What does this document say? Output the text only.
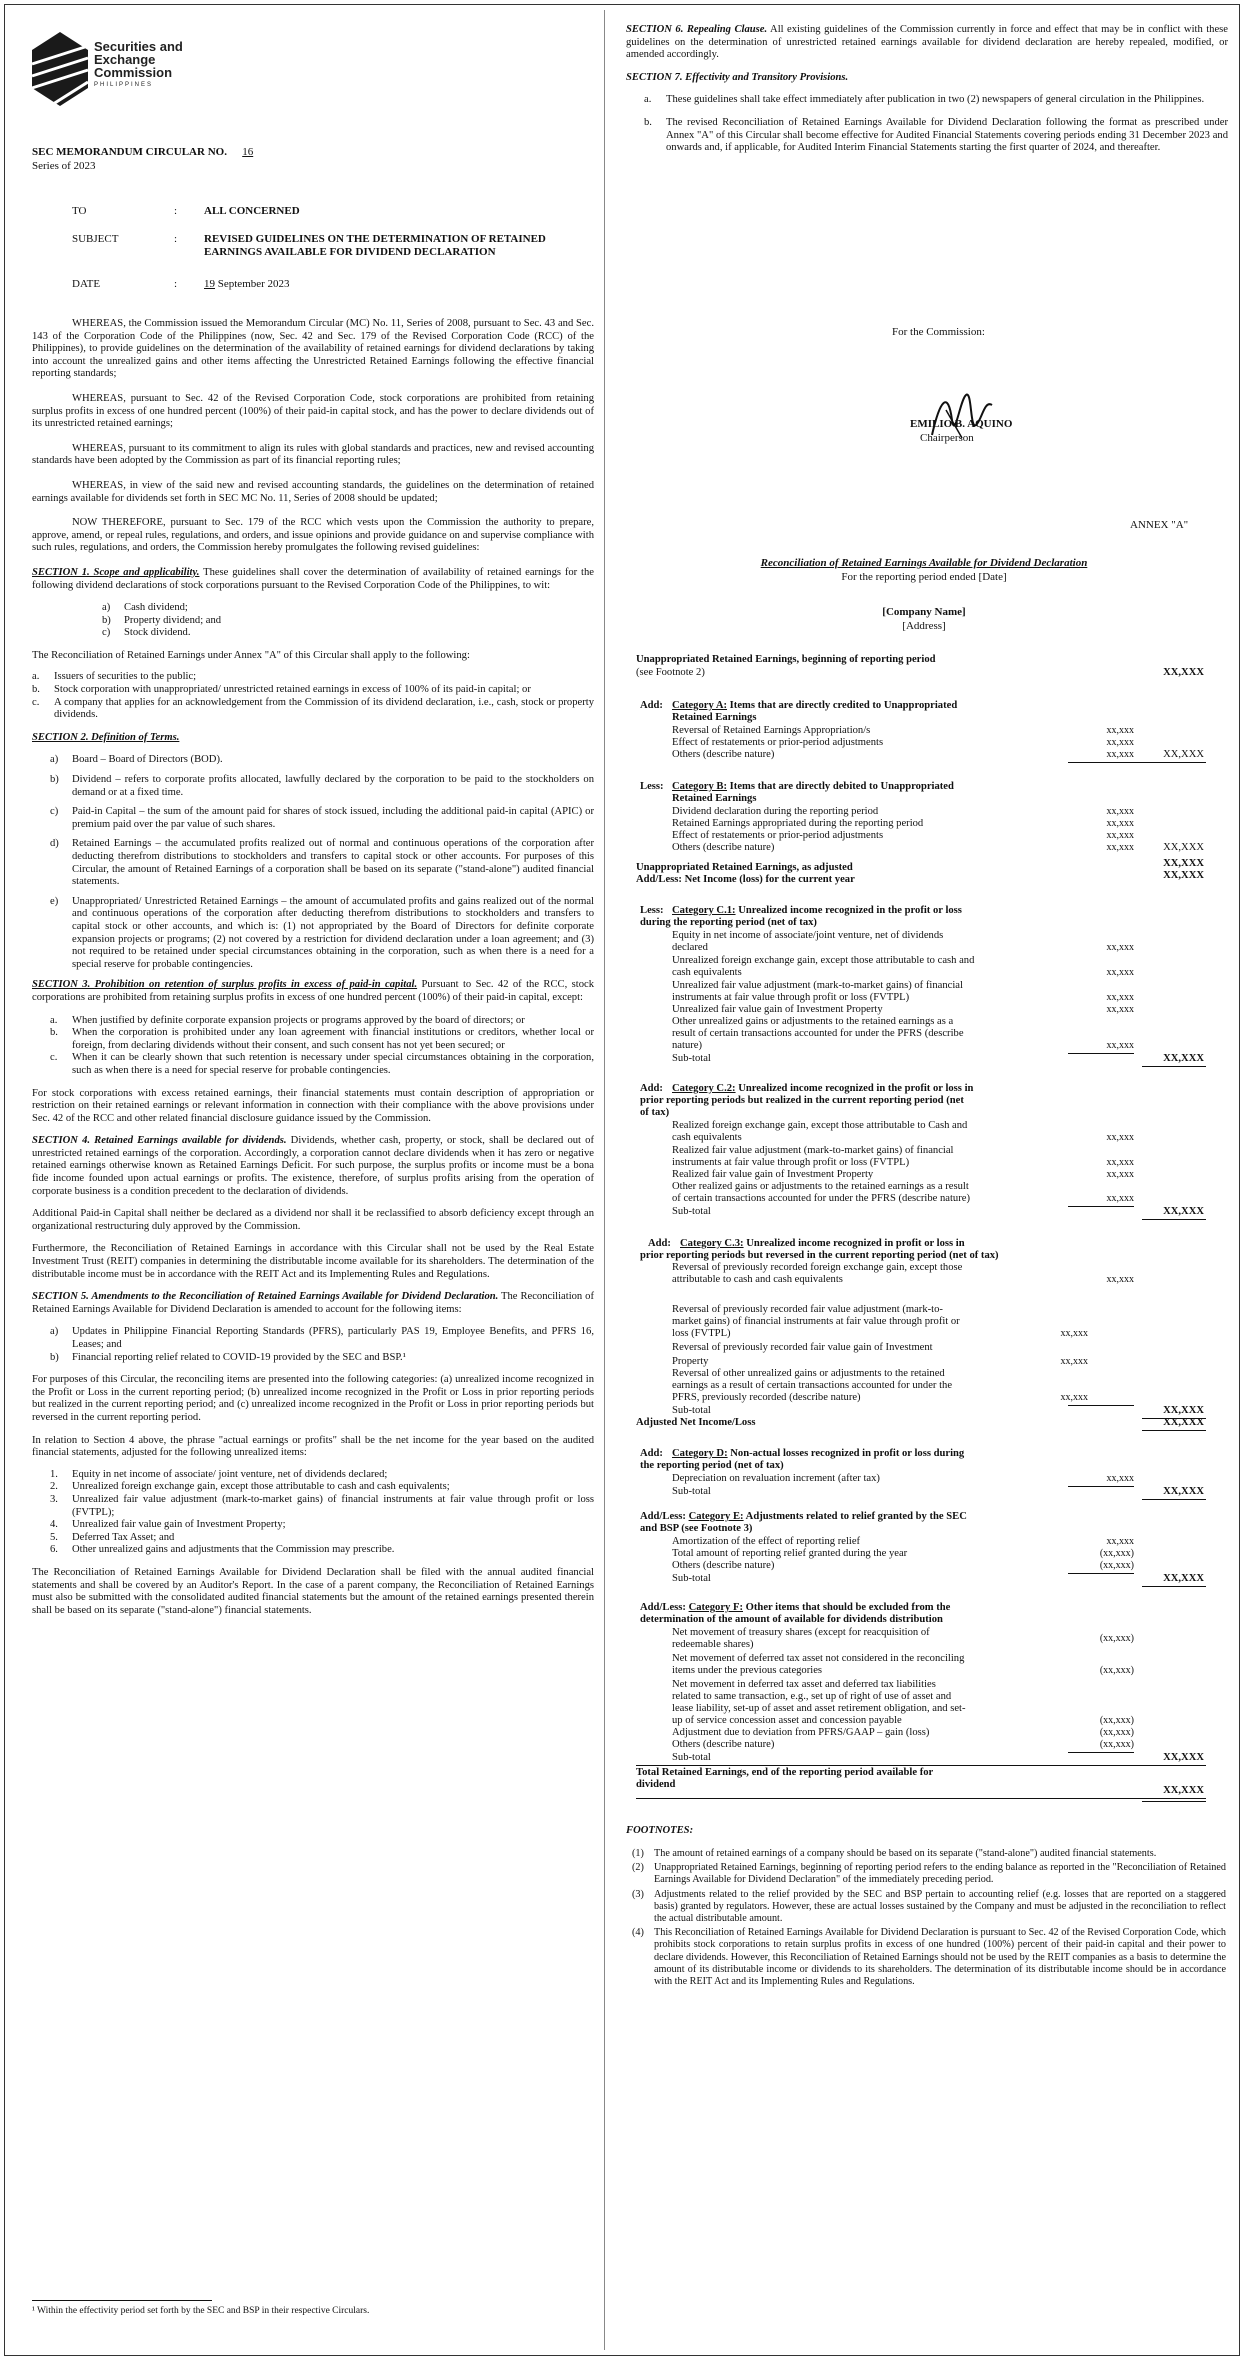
Securities and
Exchange
Commission
PHILIPPINES
SEC MEMORANDUM CIRCULAR NO. 16
Series of 2023
TO	: ALL CONCERNED
SUBJECT	: REVISED GUIDELINES ON THE DETERMINATION OF RETAINED EARNINGS AVAILABLE FOR DIVIDEND DECLARATION
DATE	: 19 September 2023

WHEREAS, the Commission issued the Memorandum Circular (MC) No. 11, Series of 2008, pursuant to Sec. 43 and Sec. 143 of the Corporation Code of the Philippines (now, Sec. 42 and Sec. 179 of the Revised Corporation Code (RCC) of the Philippines), to provide guidelines on the determination of the availability of retained earnings for dividend declarations by taking into account the unrealized gains and other items affecting the Unrestricted Retained Earnings following the effective financial reporting standards;

WHEREAS, pursuant to Sec. 42 of the Revised Corporation Code, stock corporations are prohibited from retaining surplus profits in excess of one hundred percent (100%) of their paid-in capital stock, and has the power to declare dividends out of its unrestricted retained earnings;

WHEREAS, pursuant to its commitment to align its rules with global standards and practices, new and revised accounting standards have been adopted by the Commission as part of its financial reporting rules;

WHEREAS, in view of the said new and revised accounting standards, the guidelines on the determination of retained earnings available for dividends set forth in SEC MC No. 11, Series of 2008 should be updated;

NOW THEREFORE, pursuant to Sec. 179 of the RCC which vests upon the Commission the authority to prepare, approve, amend, or repeal rules, regulations, and orders, and issue opinions and provide guidance on and supervise compliance with such rules, regulations, and orders, the Commission hereby promulgates the following revised guidelines:

SECTION 1. Scope and applicability. These guidelines shall cover the determination of availability of retained earnings for the following dividend declarations of stock corporations pursuant to the Revised Corporation Code of the Philippines, to wit:

a) Cash dividend;
b) Property dividend; and
c) Stock dividend.

The Reconciliation of Retained Earnings under Annex "A" of this Circular shall apply to the following:

a. Issuers of securities to the public;
b. Stock corporation with unappropriated/ unrestricted retained earnings in excess of 100% of its paid-in capital; or
c. A company that applies for an acknowledgement from the Commission of its dividend declaration, i.e., cash, stock or property dividends.

SECTION 2. Definition of Terms.

a) Board – Board of Directors (BOD).
b) Dividend – refers to corporate profits allocated, lawfully declared by the corporation to be paid to the stockholders on demand or at a fixed time.
c) Paid-in Capital – the sum of the amount paid for shares of stock issued, including the additional paid-in capital (APIC) or premium paid over the par value of such shares.
d) Retained Earnings – the accumulated profits realized out of normal and continuous operations of the corporation after deducting therefrom distributions to stockholders and transfers to capital stock or other accounts. For purposes of this Circular, the amount of Retained Earnings of a corporation shall be based on its separate ("stand-alone") audited financial statements.
e) Unappropriated/ Unrestricted Retained Earnings – the amount of accumulated profits and gains realized out of the normal and continuous operations of the corporation after deducting therefrom distributions to stockholders and transfers to capital stock or other accounts, and which is: (1) not appropriated by the Board of Directors for definite corporate expansion projects or programs; (2) not covered by a restriction for dividend declaration under a loan agreement; and (3) not required to be retained under special circumstances obtaining in the corporation, such as when there is a need for a special reserve for probable contingencies.

SECTION 3. Prohibition on retention of surplus profits in excess of paid-in capital. Pursuant to Sec. 42 of the RCC, stock corporations are prohibited from retaining surplus profits in excess of one hundred percent (100%) of their paid-in capital, except:

a. When justified by definite corporate expansion projects or programs approved by the board of directors; or
b. When the corporation is prohibited under any loan agreement with financial institutions or creditors, whether local or foreign, from declaring dividends without their consent, and such consent has not yet been secured; or
c. When it can be clearly shown that such retention is necessary under special circumstances obtaining in the corporation, such as when there is a need for special reserve for probable contingencies.

For stock corporations with excess retained earnings, their financial statements must contain description of appropriation or restriction on their retained earnings or relevant information in connection with their compliance with the above provisions under Sec. 42 of the RCC and other related financial disclosure guidance issued by the Commission.

SECTION 4. Retained Earnings available for dividends. Dividends, whether cash, property, or stock, shall be declared out of unrestricted retained earnings of the corporation. Accordingly, a corporation cannot declare dividends when it has zero or negative retained earnings otherwise known as Retained Earnings Deficit. For such purpose, the surplus profits or income must be a bona fide income founded upon actual earnings or profits. The existence, therefore, of surplus profits arising from the operation of corporate business is a condition precedent to the declaration of dividends.

Additional Paid-in Capital shall neither be declared as a dividend nor shall it be reclassified to absorb deficiency except through an organizational restructuring duly approved by the Commission.

Furthermore, the Reconciliation of Retained Earnings in accordance with this Circular shall not be used by the Real Estate Investment Trust (REIT) companies in determining the distributable income available for its shareholders. The determination of the distributable income must be in accordance with the REIT Act and its Implementing Rules and Regulations.

SECTION 5. Amendments to the Reconciliation of Retained Earnings Available for Dividend Declaration. The Reconciliation of Retained Earnings Available for Dividend Declaration is amended to account for the following items:

a) Updates in Philippine Financial Reporting Standards (PFRS), particularly PAS 19, Employee Benefits, and PFRS 16, Leases; and
b) Financial reporting relief related to COVID-19 provided by the SEC and BSP.¹

For purposes of this Circular, the reconciling items are presented into the following categories: (a) unrealized income recognized in the Profit or Loss in the current reporting period; (b) unrealized income recognized in the Profit or Loss in prior reporting periods but realized in the current reporting period; and (c) unrealized income recognized in the Profit or Loss in prior reporting periods but reversed in the current reporting period.

In relation to Section 4 above, the phrase "actual earnings or profits" shall be the net income for the year based on the audited financial statements, adjusted for the following unrealized items:

1. Equity in net income of associate/ joint venture, net of dividends declared;
2. Unrealized foreign exchange gain, except those attributable to cash and cash equivalents;
3. Unrealized fair value adjustment (mark-to-market gains) of financial instruments at fair value through profit or loss (FVTPL);
4. Unrealized fair value gain of Investment Property;
5. Deferred Tax Asset; and
6. Other unrealized gains and adjustments that the Commission may prescribe.

The Reconciliation of Retained Earnings Available for Dividend Declaration shall be filed with the annual audited financial statements and shall be covered by an Auditor's Report. In the case of a parent company, the Reconciliation of Retained Earnings must also be submitted with the consolidated audited financial statements but the amount of the retained earnings presented therein shall be based on its separate ("stand-alone") financial statements.

¹ Within the effectivity period set forth by the SEC and BSP in their respective Circulars.

SECTION 6. Repealing Clause. All existing guidelines of the Commission currently in force and effect that may be in conflict with these guidelines on the determination of unrestricted retained earnings available for dividend declaration are hereby repealed, modified, or amended accordingly.

SECTION 7. Effectivity and Transitory Provisions.

a. These guidelines shall take effect immediately after publication in two (2) newspapers of general circulation in the Philippines.
b. The revised Reconciliation of Retained Earnings Available for Dividend Declaration following the format as prescribed under Annex "A" of this Circular shall become effective for Audited Financial Statements covering periods ending 31 December 2023 and onwards and, if applicable, for Audited Interim Financial Statements starting the first quarter of 2024, and thereafter.
For the Commission:
EMILIO B. AQUINO
Chairperson
ANNEX "A"
Reconciliation of Retained Earnings Available for Dividend Declaration
For the reporting period ended [Date]
[Company Name]
[Address]
Unappropriated Retained Earnings, beginning of reporting period
(see Footnote 2)	XX,XXX
Add: Category A: Items that are directly credited to Unappropriated
Retained Earnings
Reversal of Retained Earnings Appropriation/s	xx,xxx
Effect of restatements or prior-period adjustments	xx,xxx
Others (describe nature)	xx,xxx	XX,XXX
Less: Category B: Items that are directly debited to Unappropriated
Retained Earnings
Dividend declaration during the reporting period	xx,xxx
Retained Earnings appropriated during the reporting period	xx,xxx
Effect of restatements or prior-period adjustments	xx,xxx
Others (describe nature)	xx,xxx	XX,XXX
Unappropriated Retained Earnings, as adjusted	XX,XXX
Add/Less: Net Income (loss) for the current year	XX,XXX
Less: Category C.1: Unrealized income recognized in the profit or loss
during the reporting period (net of tax)
Equity in net income of associate/joint venture, net of dividends
declared	xx,xxx
Unrealized foreign exchange gain, except those attributable to cash and
cash equivalents	xx,xxx
Unrealized fair value adjustment (mark-to-market gains) of financial
instruments at fair value through profit or loss (FVTPL)	xx,xxx
Unrealized fair value gain of Investment Property	xx,xxx
Other unrealized gains or adjustments to the retained earnings as a
result of certain transactions accounted for under the PFRS (describe
nature)	xx,xxx
Sub-total	XX,XXX
Add: Category C.2: Unrealized income recognized in the profit or loss in
prior reporting periods but realized in the current reporting period (net
of tax)
Realized foreign exchange gain, except those attributable to Cash and
cash equivalents	xx,xxx
Realized fair value adjustment (mark-to-market gains) of financial
instruments at fair value through profit or loss (FVTPL)	xx,xxx
Realized fair value gain of Investment Property	xx,xxx
Other realized gains or adjustments to the retained earnings as a result
of certain transactions accounted for under the PFRS (describe nature)	xx,xxx
Sub-total	XX,XXX
Add: Category C.3: Unrealized income recognized in profit or loss in
prior reporting periods but reversed in the current reporting period (net of tax)
Reversal of previously recorded foreign exchange gain, except those
attributable to cash and cash equivalents	xx,xxx
Reversal of previously recorded fair value adjustment (mark-to-
market gains) of financial instruments at fair value through profit or
loss (FVTPL)	xx,xxx
Reversal of previously recorded fair value gain of Investment
Property	xx,xxx
Reversal of other unrealized gains or adjustments to the retained
earnings as a result of certain transactions accounted for under the
PFRS, previously recorded (describe nature)	xx,xxx
Sub-total	XX,XXX
Adjusted Net Income/Loss	XX,XXX
Add: Category D: Non-actual losses recognized in profit or loss during
the reporting period (net of tax)
Depreciation on revaluation increment (after tax)	xx,xxx
Sub-total	XX,XXX
Add/Less: Category E: Adjustments related to relief granted by the SEC
and BSP (see Footnote 3)
Amortization of the effect of reporting relief	xx,xxx
Total amount of reporting relief granted during the year	(xx,xxx)
Others (describe nature)	(xx,xxx)
Sub-total	XX,XXX
Add/Less: Category F: Other items that should be excluded from the
determination of the amount of available for dividends distribution
Net movement of treasury shares (except for reacquisition of
redeemable shares)
(xx,xxx)
Net movement of deferred tax asset not considered in the reconciling
items under the previous categories	(xx,xxx)
Net movement in deferred tax asset and deferred tax liabilities
related to same transaction, e.g., set up of right of use of asset and
lease liability, set-up of asset and asset retirement obligation, and set-
up of service concession asset and concession payable	(xx,xxx)
Adjustment due to deviation from PFRS/GAAP – gain (loss)	(xx,xxx)
Others (describe nature)	(xx,xxx)
Sub-total	XX,XXX
Total Retained Earnings, end of the reporting period available for
dividend
XX,XXX
FOOTNOTES:
(1) The amount of retained earnings of a company should be based on its separate ("stand-alone") audited financial statements.
(2) Unappropriated Retained Earnings, beginning of reporting period refers to the ending balance as reported in the "Reconciliation of Retained Earnings Available for Dividend Declaration" of the immediately preceding period.
(3) Adjustments related to the relief provided by the SEC and BSP pertain to accounting relief (e.g. losses that are reported on a staggered basis) granted by regulators. However, these are actual losses sustained by the Company and must be adjusted in the reconciliation to reflect the actual distributable amount.
(4) This Reconciliation of Retained Earnings Available for Dividend Declaration is pursuant to Sec. 42 of the Revised Corporation Code, which prohibits stock corporations to retain surplus profits in excess of one hundred (100%) percent of their paid-in capital and their power to declare dividends. However, this Reconciliation of Retained Earnings should not be used by the REIT companies as a basis to determine the amount of its distributable income or dividends to its shareholders. The determination of its distributable income should be in accordance with the REIT Act and its Implementing Rules and Regulations.
